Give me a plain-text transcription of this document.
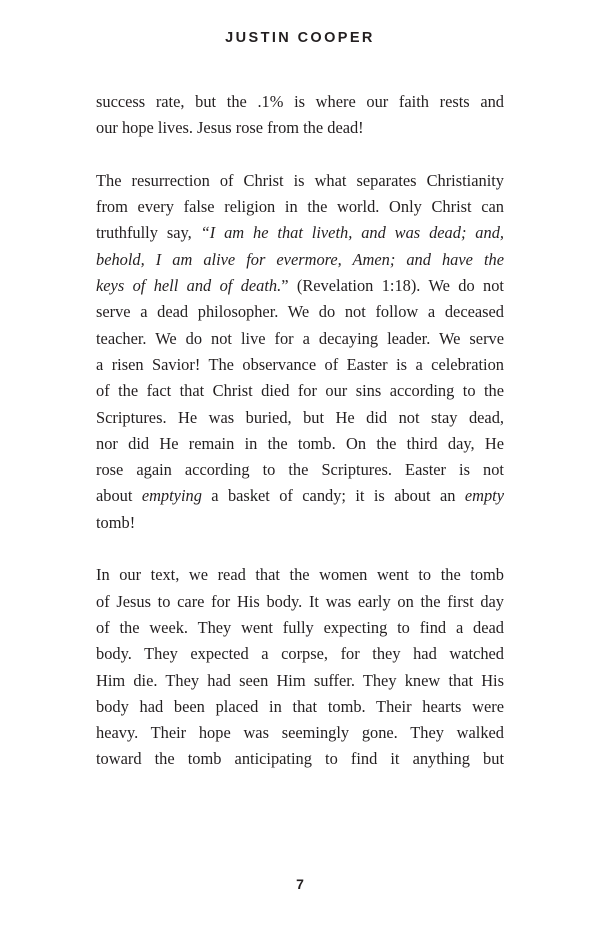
JUSTIN COOPER

success rate, but the .1% is where our faith rests and
our hope lives. Jesus rose from the dead!

The resurrection of Christ is what separates Christianity
from every false religion in the world. Only Christ can
truthfully say, “I am he that liveth, and was dead; and,
behold, I am alive for evermore, Amen; and have the
keys of hell and of death.” (Revelation 1:18). We do not
serve a dead philosopher. We do not follow a deceased
teacher. We do not live for a decaying leader. We serve
a risen Savior! The observance of Easter is a celebration
of the fact that Christ died for our sins according to the
Scriptures. He was buried, but He did not stay dead,
nor did He remain in the tomb. On the third day, He
rose again according to the Scriptures. Easter is not
about emptying a basket of candy; it is about an empty
tomb!

In our text, we read that the women went to the tomb
of Jesus to care for His body. It was early on the first day
of the week. They went fully expecting to find a dead
body. They expected a corpse, for they had watched
Him die. They had seen Him suffer. They knew that His
body had been placed in that tomb. Their hearts were
heavy. Their hope was seemingly gone. They walked
toward the tomb anticipating to find it anything but

7
